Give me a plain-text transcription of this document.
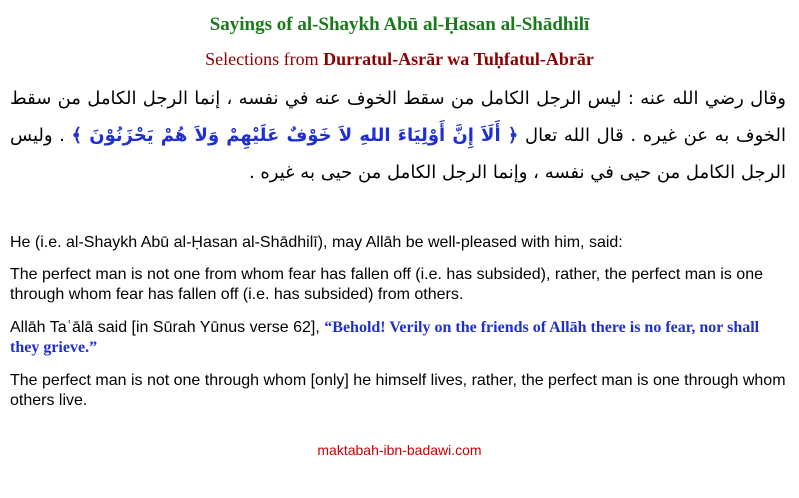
Sayings of al-Shaykh Abū al-Ḥasan al-Shādhilī
Selections from Durratul-Asrār wa Tuḥfatul-Abrār
وقال رضي الله عنه : ليس الرجل الكامل من سقط الخوف عنه في نفسه ، إنما الرجل الكامل من سقط الخوف به عن غيره . قال الله تعال ﴿ أَلَاَ إِنَّ أَوْلِيَاءَ اللهِ لاَ خَوْفٌ عَلَيْهِمْ وَلاَ هُمْ يَحْزَنُوْنَ ﴾ . وليس الرجل الكامل من حيى في نفسه ، وإنما الرجل الكامل من حيى به غيره .

He (i.e. al-Shaykh Abū al-Ḥasan al-Shādhilī), may Allāh be well-pleased with him, said:

The perfect man is not one from whom fear has fallen off (i.e. has subsided), rather, the perfect man is one through whom fear has fallen off (i.e. has subsided) from others.

Allāh Taʿālā said [in Sūrah Yūnus verse 62], “Behold! Verily on the friends of Allāh there is no fear, nor shall they grieve.”

The perfect man is not one through whom [only] he himself lives, rather, the perfect man is one through whom others live.

maktabah-ibn-badawi.com
